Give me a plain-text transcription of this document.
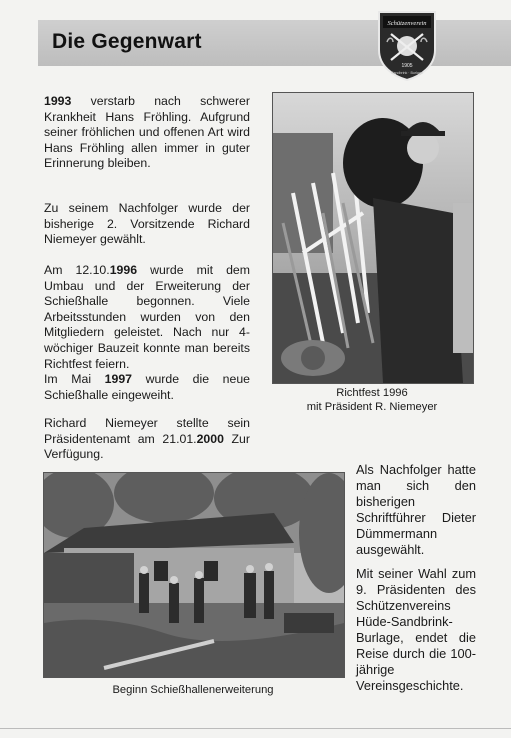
Die Gegenwart
Schützenverein
1905
Sandbrink · Burlage

1993 verstarb nach schwerer Krankheit Hans Fröhling. Aufgrund seiner fröhlichen und offenen Art wird Hans Fröhling allen immer in guter Erinnerung bleiben.

Zu seinem Nachfolger wurde der bisherige 2. Vorsitzende Richard Niemeyer gewählt.

Am 12.10.1996 wurde mit dem Umbau und der Erweiterung der Schießhalle begonnen. Viele Arbeitsstunden wurden von den Mitgliedern geleistet. Nach nur 4-wöchiger Bauzeit konnte man bereits Richtfest feiern.
Im Mai 1997 wurde die neue Schießhalle eingeweiht.

Richard Niemeyer stellte sein Präsidentenamt am 21.01.2000 Zur Verfügung.

Richtfest 1996
mit Präsident R. Niemeyer
Beginn Schießhallenerweiterung

Als Nachfolger hatte man sich den bisherigen Schriftführer Dieter Dümmermann ausgewählt.

Mit seiner Wahl zum 9. Präsidenten des Schützenvereins Hüde-Sandbrink-Burlage, endet die Reise durch die 100-jährige Vereinsgeschichte.
